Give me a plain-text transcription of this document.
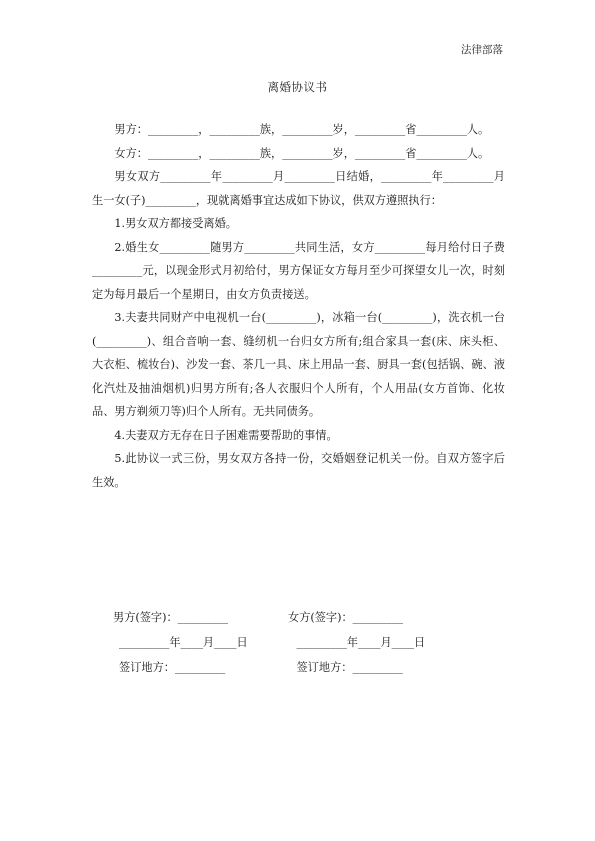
法律部落
离婚协议书

男方：_________，_________族，_________岁，_________省_________人。

女方：_________，_________族，_________岁，_________省_________人。

男女双方_________年_________月_________日结婚，_________年_________月生一女(子)_________，现就离婚事宜达成如下协议，供双方遵照执行：

1.男女双方都接受离婚。

2.婚生女_________随男方_________共同生活，女方_________每月给付日子费_________元，以现金形式月初给付，男方保证女方每月至少可探望女儿一次，时刻定为每月最后一个星期日，由女方负责接送。

3.夫妻共同财产中电视机一台(_________)，冰箱一台(_________)，洗衣机一台(_________)、组合音响一套、缝纫机一台归女方所有;组合家具一套(床、床头柜、大衣柜、梳妆台)、沙发一套、茶几一具、床上用品一套、厨具一套(包括锅、碗、液化汽灶及抽油烟机)归男方所有;各人衣服归个人所有，个人用品(女方首饰、化妆品、男方剃须刀等)归个人所有。无共同债务。

4.夫妻双方无存在日子困难需要帮助的事情。

5.此协议一式三份，男女双方各持一份，交婚姻登记机关一份。自双方签字后生效。

男方(签字)：_________	女方(签字)：_________
_________年____月____日	_________年____月____日
签订地方：_________	签订地方：_________
